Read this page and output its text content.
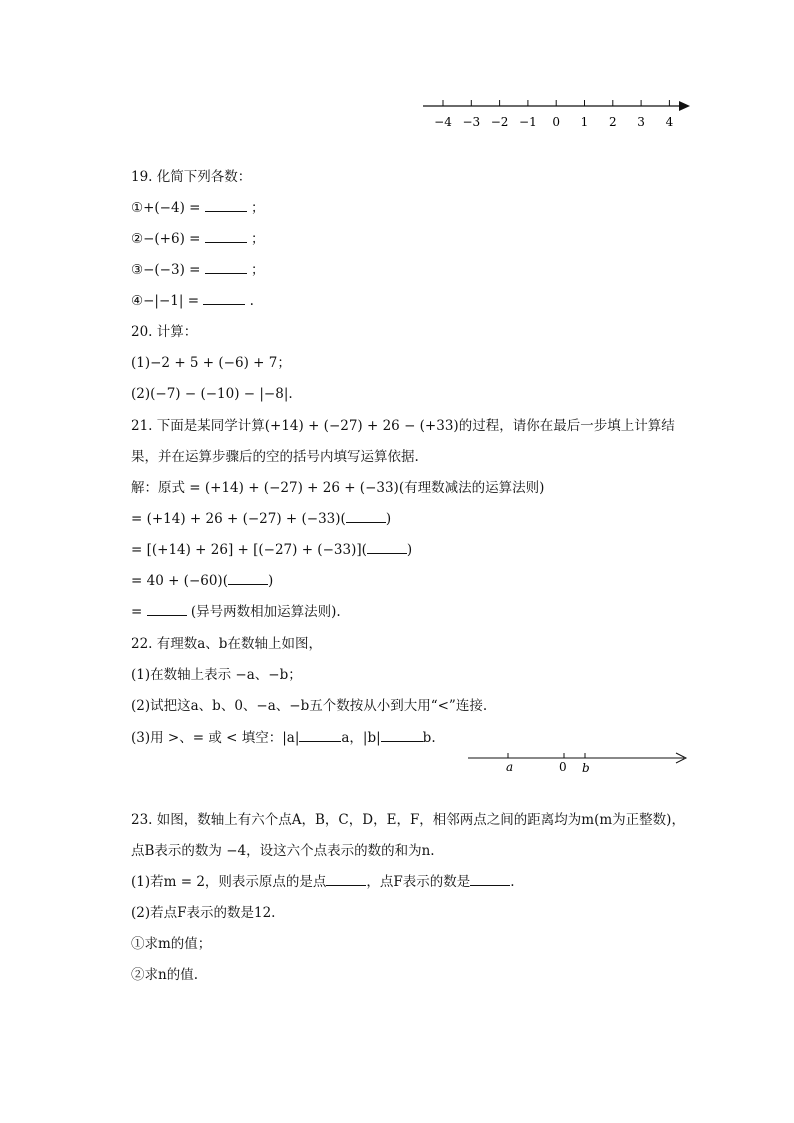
−4 −3 −2 −1 0 1 2 3 4
19. 化简下列各数：
①+(−4) =	；
②−(+6) =	；
③−(−3) =	；
④−|−1| =	.
20. 计算：
(1)−2 + 5 + (−6) + 7；
(2)(−7) − (−10) − |−8|.
21. 下面是某同学计算(+14) + (−27) + 26 − (+33)的过程，请你在最后一步填上计算结
果，并在运算步骤后的空的括号内填写运算依据.
解：原式 = (+14) + (−27) + 26 + (−33)(有理数减法的运算法则)
= (+14) + 26 + (−27) + (−33)(	)
= [(+14) + 26] + [(−27) + (−33)](	)
= 40 + (−60)(	)
=	(异号两数相加运算法则).
22. 有理数a、b在数轴上如图，
(1)在数轴上表示 −a、−b；
(2)试把这a、b、0、−a、−b五个数按从小到大用“<”连接.
(3)用 >、= 或 < 填空：|a|	a，|b|	b.
a	0 b
23. 如图，数轴上有六个点A，B，C，D，E，F，相邻两点之间的距离均为m(m为正整数)，
点B表示的数为 −4，设这六个点表示的数的和为n.
(1)若m = 2，则表示原点的是点	，点F表示的数是	.
(2)若点F表示的数是12.
①求m的值；
②求n的值.
